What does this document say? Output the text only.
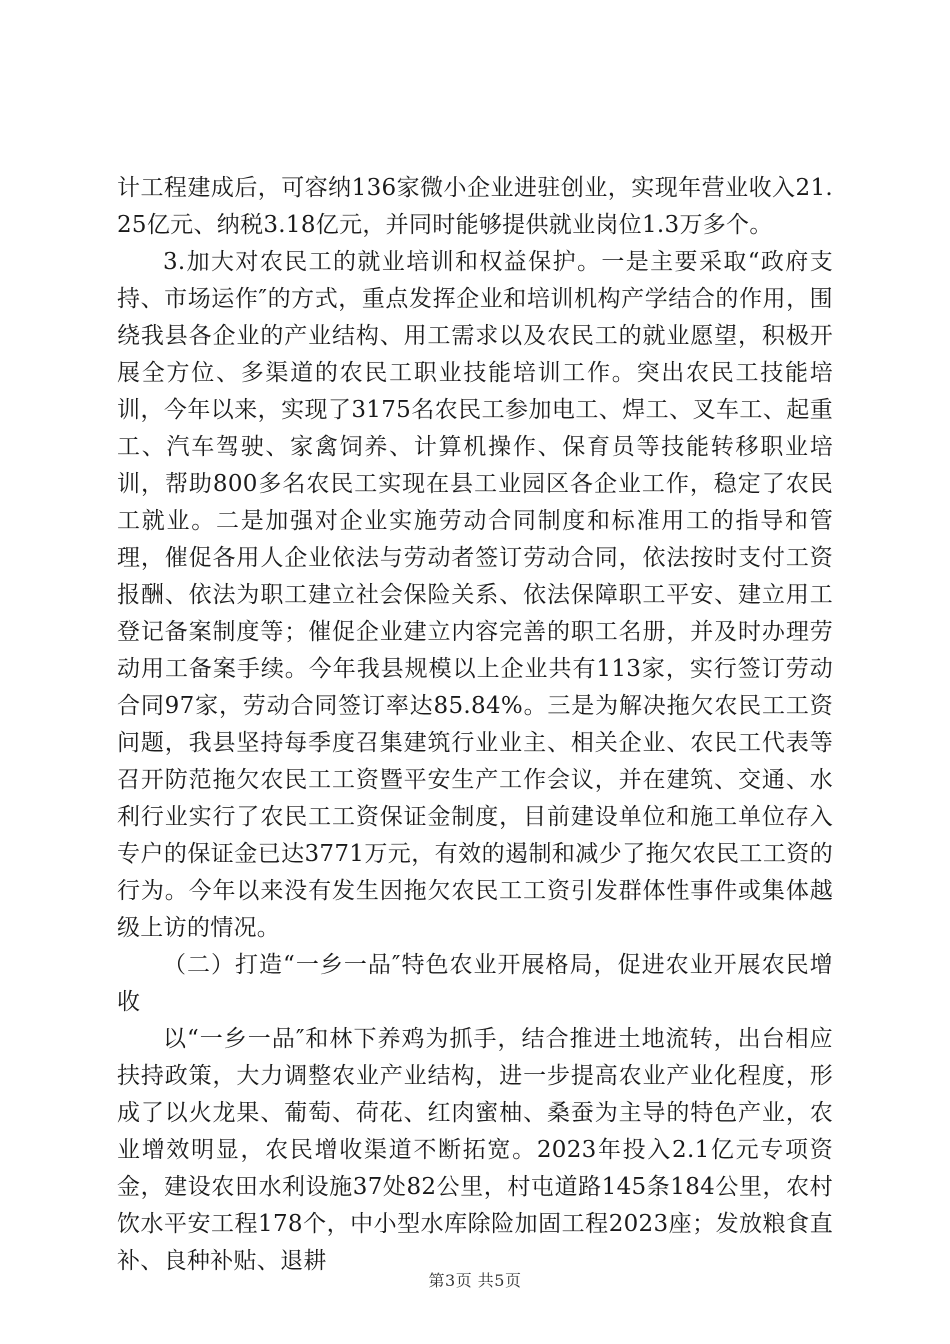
计工程建成后，可容纳136家微小企业进驻创业，实现年营业收入21.25亿元、纳税3.18亿元，并同时能够提供就业岗位1.3万多个。

3.加大对农民工的就业培训和权益保护。一是主要采取“政府支持、市场运作″的方式，重点发挥企业和培训机构产学结合的作用，围绕我县各企业的产业结构、用工需求以及农民工的就业愿望，积极开展全方位、多渠道的农民工职业技能培训工作。突出农民工技能培训，今年以来，实现了3175名农民工参加电工、焊工、叉车工、起重工、汽车驾驶、家禽饲养、计算机操作、保育员等技能转移职业培训，帮助800多名农民工实现在县工业园区各企业工作，稳定了农民工就业。二是加强对企业实施劳动合同制度和标准用工的指导和管理，催促各用人企业依法与劳动者签订劳动合同，依法按时支付工资报酬、依法为职工建立社会保险关系、依法保障职工平安、建立用工登记备案制度等；催促企业建立内容完善的职工名册，并及时办理劳动用工备案手续。今年我县规模以上企业共有113家，实行签订劳动合同97家，劳动合同签订率达85.84%。三是为解决拖欠农民工工资问题，我县坚持每季度召集建筑行业业主、相关企业、农民工代表等召开防范拖欠农民工工资暨平安生产工作会议，并在建筑、交通、水利行业实行了农民工工资保证金制度，目前建设单位和施工单位存入专户的保证金已达3771万元，有效的遏制和减少了拖欠农民工工资的行为。今年以来没有发生因拖欠农民工工资引发群体性事件或集体越级上访的情况。

（二）打造“一乡一品″特色农业开展格局，促进农业开展农民增收

以“一乡一品″和林下养鸡为抓手，结合推进土地流转，出台相应扶持政策，大力调整农业产业结构，进一步提高农业产业化程度，形成了以火龙果、葡萄、荷花、红肉蜜柚、桑蚕为主导的特色产业，农业增效明显，农民增收渠道不断拓宽。2023年投入2.1亿元专项资金，建设农田水利设施37处82公里，村屯道路145条184公里，农村饮水平安工程178个，中小型水库除险加固工程2023座；发放粮食直补、良种补贴、退耕

第3页 共5页
